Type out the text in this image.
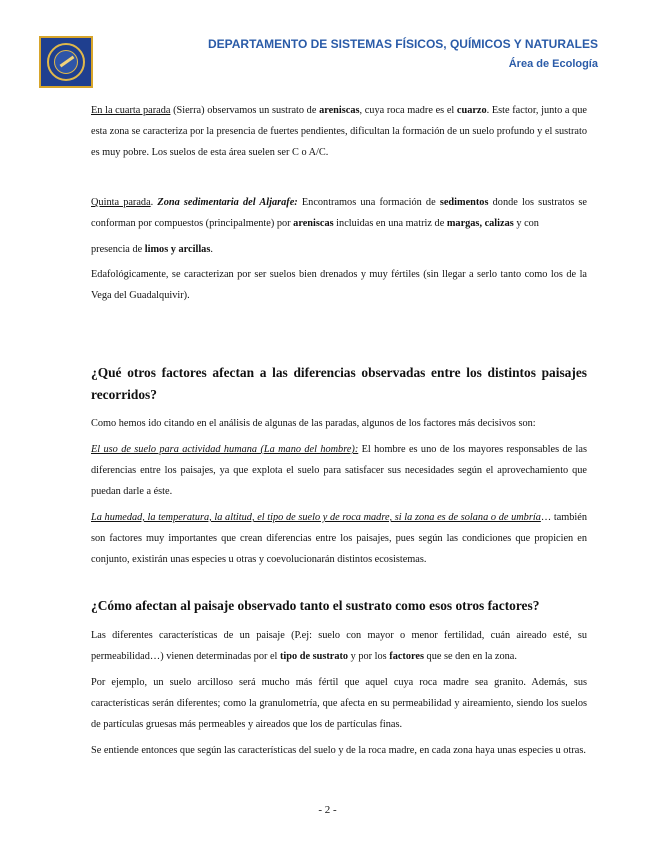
DEPARTAMENTO DE SISTEMAS FÍSICOS, QUÍMICOS Y NATURALES
Área de Ecología

En la cuarta parada (Sierra) observamos un sustrato de areniscas, cuya roca madre es el cuarzo. Este factor, junto a que esta zona se caracteriza por la presencia de fuertes pendientes, dificultan la formación de un suelo profundo y el sustrato es muy pobre. Los suelos de esta área suelen ser C o A/C.

Quinta parada. Zona sedimentaria del Aljarafe: Encontramos una formación de sedimentos donde los sustratos se conforman por compuestos (principalmente) por areniscas incluidas en una matriz de margas, calizas y con

presencia de limos y arcillas.

Edafológicamente, se caracterizan por ser suelos bien drenados y muy fértiles (sin llegar a serlo tanto como los de la Vega del Guadalquivir).

¿Qué otros factores afectan a las diferencias observadas entre los distintos paisajes recorridos?

Como hemos ido citando en el análisis de algunas de las paradas, algunos de los factores más decisivos son:

El uso de suelo para actividad humana (La mano del hombre): El hombre es uno de los mayores responsables de las diferencias entre los paisajes, ya que explota el suelo para satisfacer sus necesidades según el aprovechamiento que puedan darle a éste.

La humedad, la temperatura, la altitud, el tipo de suelo y de roca madre, si la zona es de solana o de umbría… también son factores muy importantes que crean diferencias entre los paisajes, pues según las condiciones que propicien en conjunto, existirán unas especies u otras y coevolucionarán distintos ecosistemas.

¿Cómo afectan al paisaje observado tanto el sustrato como esos otros factores?

Las diferentes características de un paisaje (P.ej: suelo con mayor o menor fertilidad, cuán aireado esté, su permeabilidad…) vienen determinadas por el tipo de sustrato y por los factores que se den en la zona.

Por ejemplo, un suelo arcilloso será mucho más fértil que aquel cuya roca madre sea granito. Además, sus características serán diferentes; como la granulometría, que afecta en su permeabilidad y aireamiento, siendo los suelos de partículas gruesas más permeables y aireados que los de partículas finas.

Se entiende entonces que según las características del suelo y de la roca madre, en cada zona haya unas especies u otras.

- 2 -
